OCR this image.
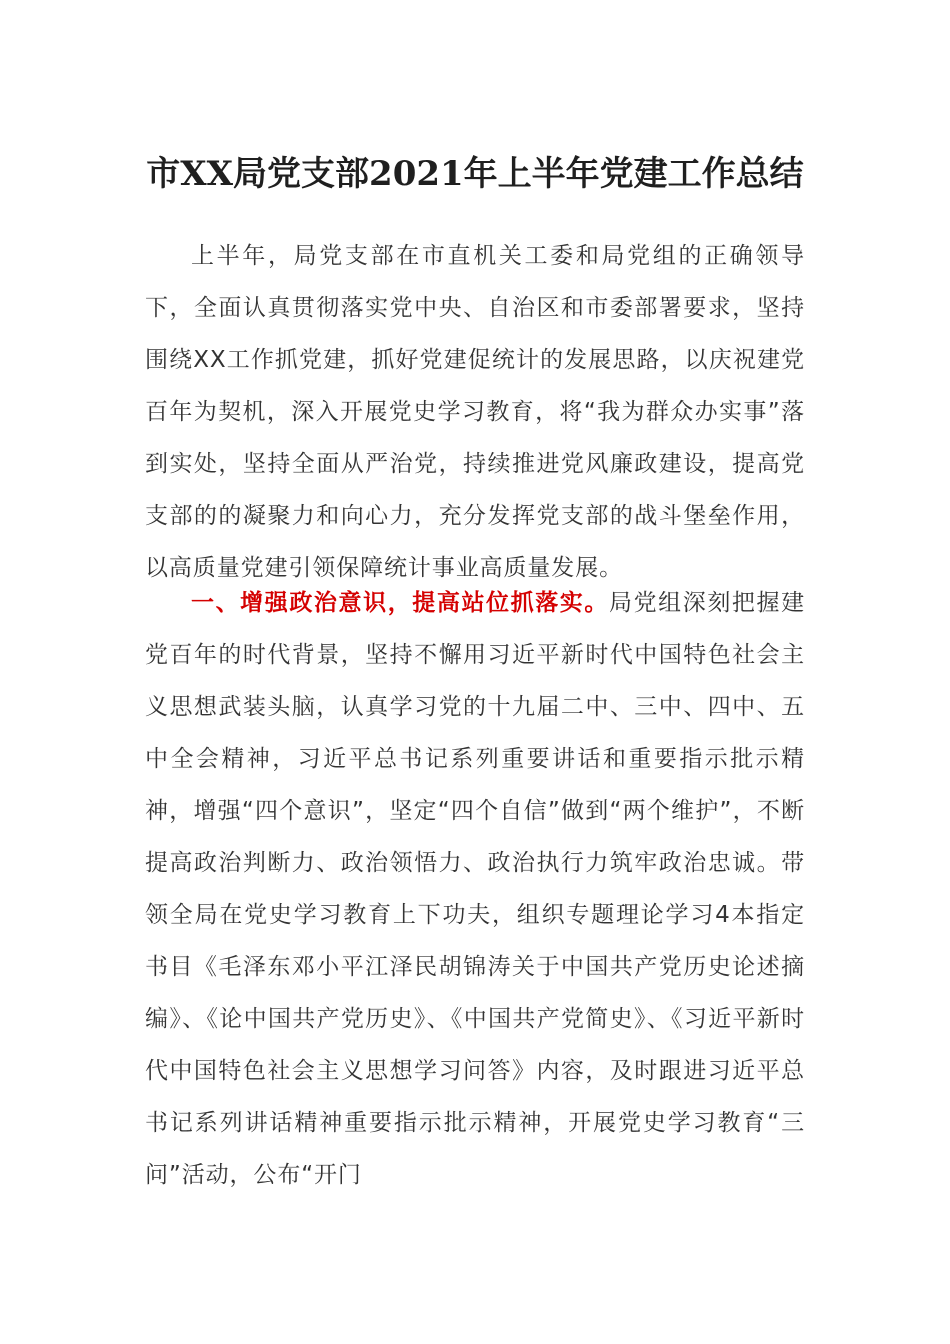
市XX局党支部2021年上半年党建工作总结

上半年，局党支部在市直机关工委和局党组的正确领导下，全面认真贯彻落实党中央、自治区和市委部署要求，坚持围绕XX工作抓党建，抓好党建促统计的发展思路，以庆祝建党百年为契机，深入开展党史学习教育，将“我为群众办实事”落到实处，坚持全面从严治党，持续推进党风廉政建设，提高党支部的的凝聚力和向心力，充分发挥党支部的战斗堡垒作用，以高质量党建引领保障统计事业高质量发展。

一、增强政治意识，提高站位抓落实。局党组深刻把握建党百年的时代背景，坚持不懈用习近平新时代中国特色社会主义思想武装头脑，认真学习党的十九届二中、三中、四中、五中全会精神，习近平总书记系列重要讲话和重要指示批示精神，增强“四个意识”，坚定“四个自信”做到“两个维护”，不断提高政治判断力、政治领悟力、政治执行力筑牢政治忠诚。带领全局在党史学习教育上下功夫，组织专题理论学习4本指定书目《毛泽东邓小平江泽民胡锦涛关于中国共产党历史论述摘编》、《论中国共产党历史》、《中国共产党简史》、《习近平新时代中国特色社会主义思想学习问答》内容，及时跟进习近平总书记系列讲话精神重要指示批示精神，开展党史学习教育“三问”活动，公布“开门
